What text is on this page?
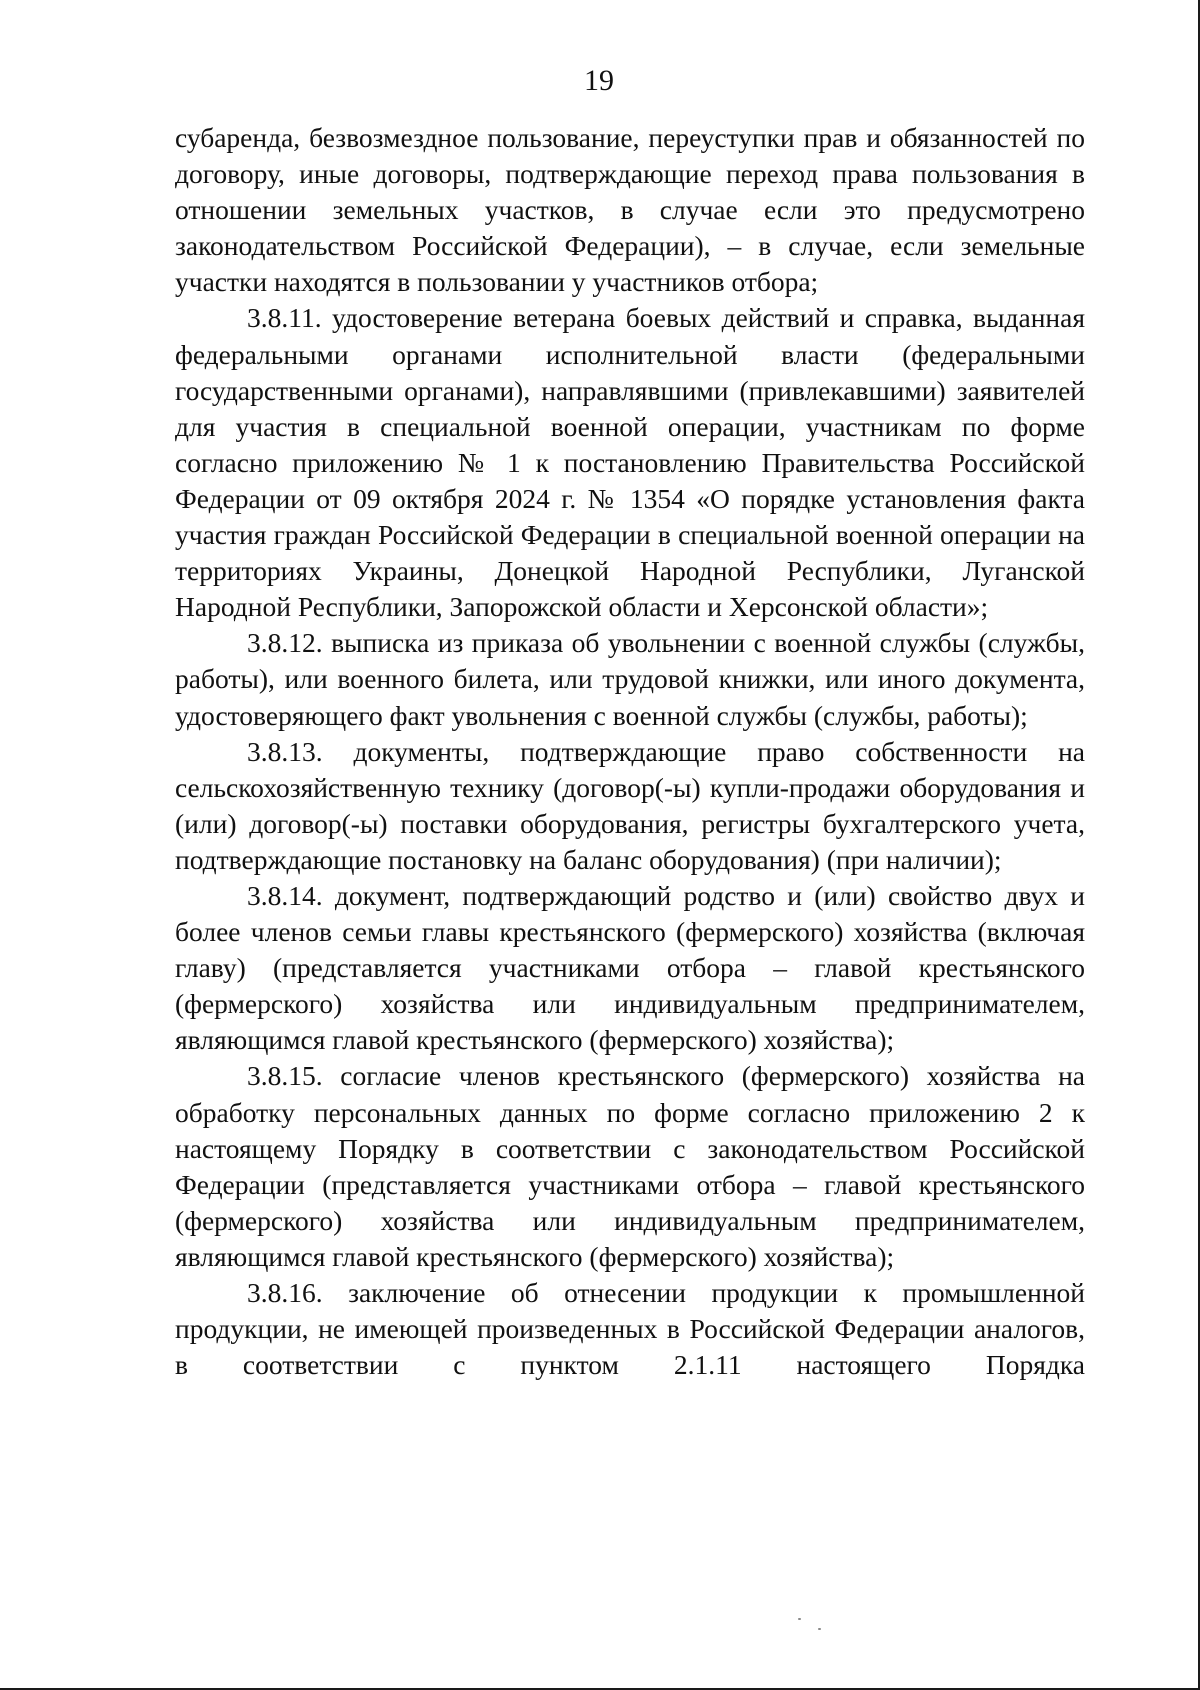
19

субаренда, безвозмездное пользование, переуступки прав и обязанностей по договору, иные договоры, подтверждающие переход права пользования в отношении земельных участков, в случае если это предусмотрено законодательством Российской Федерации), – в случае, если земельные участки находятся в пользовании у участников отбора;

3.8.11. удостоверение ветерана боевых действий и справка, выданная федеральными органами исполнительной власти (федеральными государственными органами), направлявшими (привлекавшими) заявителей для участия в специальной военной операции, участникам по форме согласно приложению № 1 к постановлению Правительства Российской Федерации от 09 октября 2024 г. № 1354 «О порядке установления факта участия граждан Российской Федерации в специальной военной операции на территориях Украины, Донецкой Народной Республики, Луганской Народной Республики, Запорожской области и Херсонской области»;

3.8.12. выписка из приказа об увольнении с военной службы (службы, работы), или военного билета, или трудовой книжки, или иного документа, удостоверяющего факт увольнения с военной службы (службы, работы);

3.8.13. документы, подтверждающие право собственности на сельскохозяйственную технику (договор(-ы) купли-продажи оборудования и (или) договор(-ы) поставки оборудования, регистры бухгалтерского учета, подтверждающие постановку на баланс оборудования) (при наличии);

3.8.14. документ, подтверждающий родство и (или) свойство двух и более членов семьи главы крестьянского (фермерского) хозяйства (включая главу) (представляется участниками отбора – главой крестьянского (фермерского) хозяйства или индивидуальным предпринимателем, являющимся главой крестьянского (фермерского) хозяйства);

3.8.15. согласие членов крестьянского (фермерского) хозяйства на обработку персональных данных по форме согласно приложению 2 к настоящему Порядку в соответствии с законодательством Российской Федерации (представляется участниками отбора – главой крестьянского (фермерского) хозяйства или индивидуальным предпринимателем, являющимся главой крестьянского (фермерского) хозяйства);

3.8.16. заключение об отнесении продукции к промышленной продукции, не имеющей произведенных в Российской Федерации аналогов, в соответствии с пунктом 2.1.11 настоящего Порядка
